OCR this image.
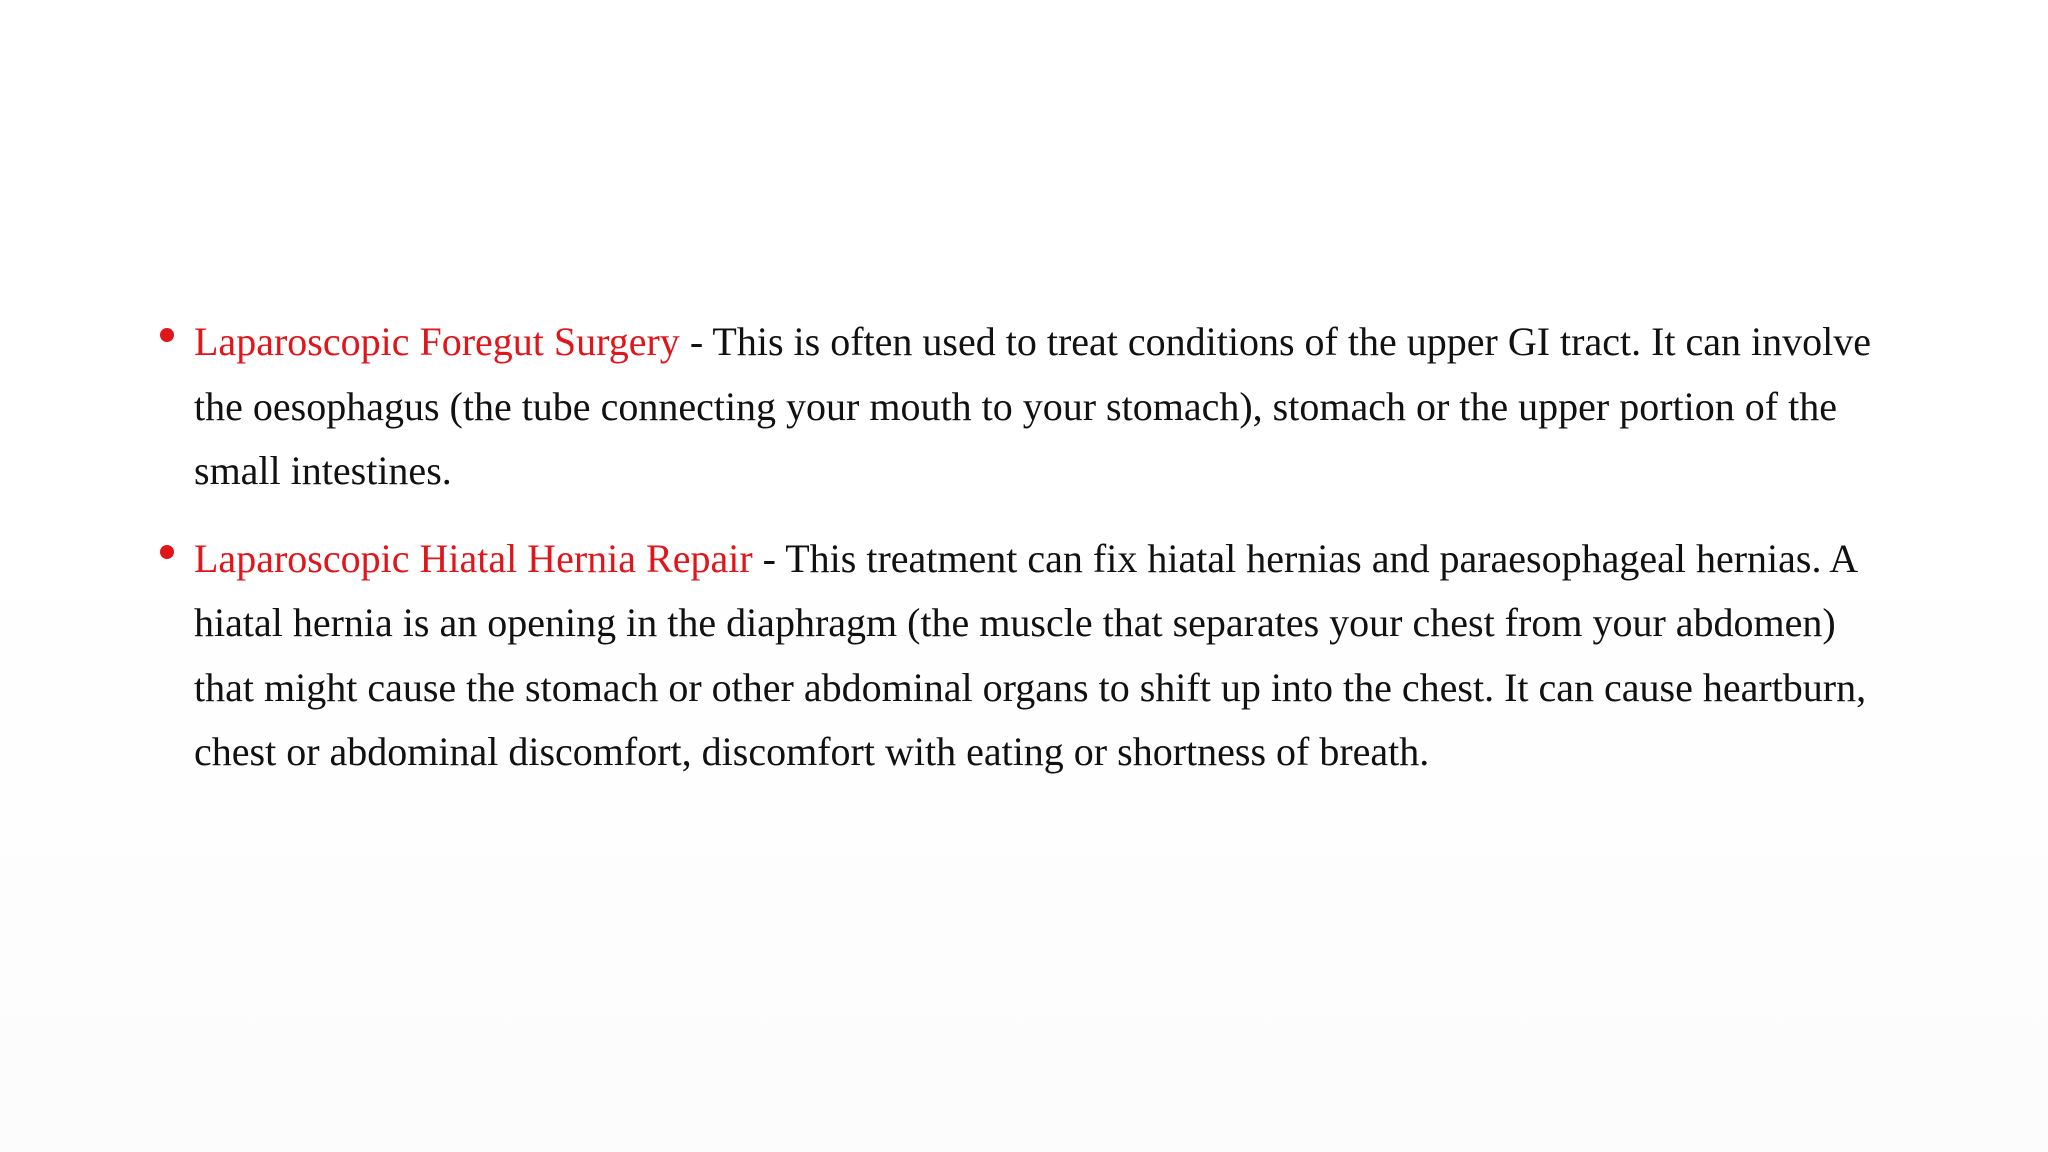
Laparoscopic Foregut Surgery - This is often used to treat conditions of the upper GI tract. It can involve the oesophagus (the tube connecting your mouth to your stomach), stomach or the upper portion of the small intestines.
Laparoscopic Hiatal Hernia Repair - This treatment can fix hiatal hernias and paraesophageal hernias. A hiatal hernia is an opening in the diaphragm (the muscle that separates your chest from your abdomen) that might cause the stomach or other abdominal organs to shift up into the chest. It can cause heartburn, chest or abdominal discomfort, discomfort with eating or shortness of breath.
